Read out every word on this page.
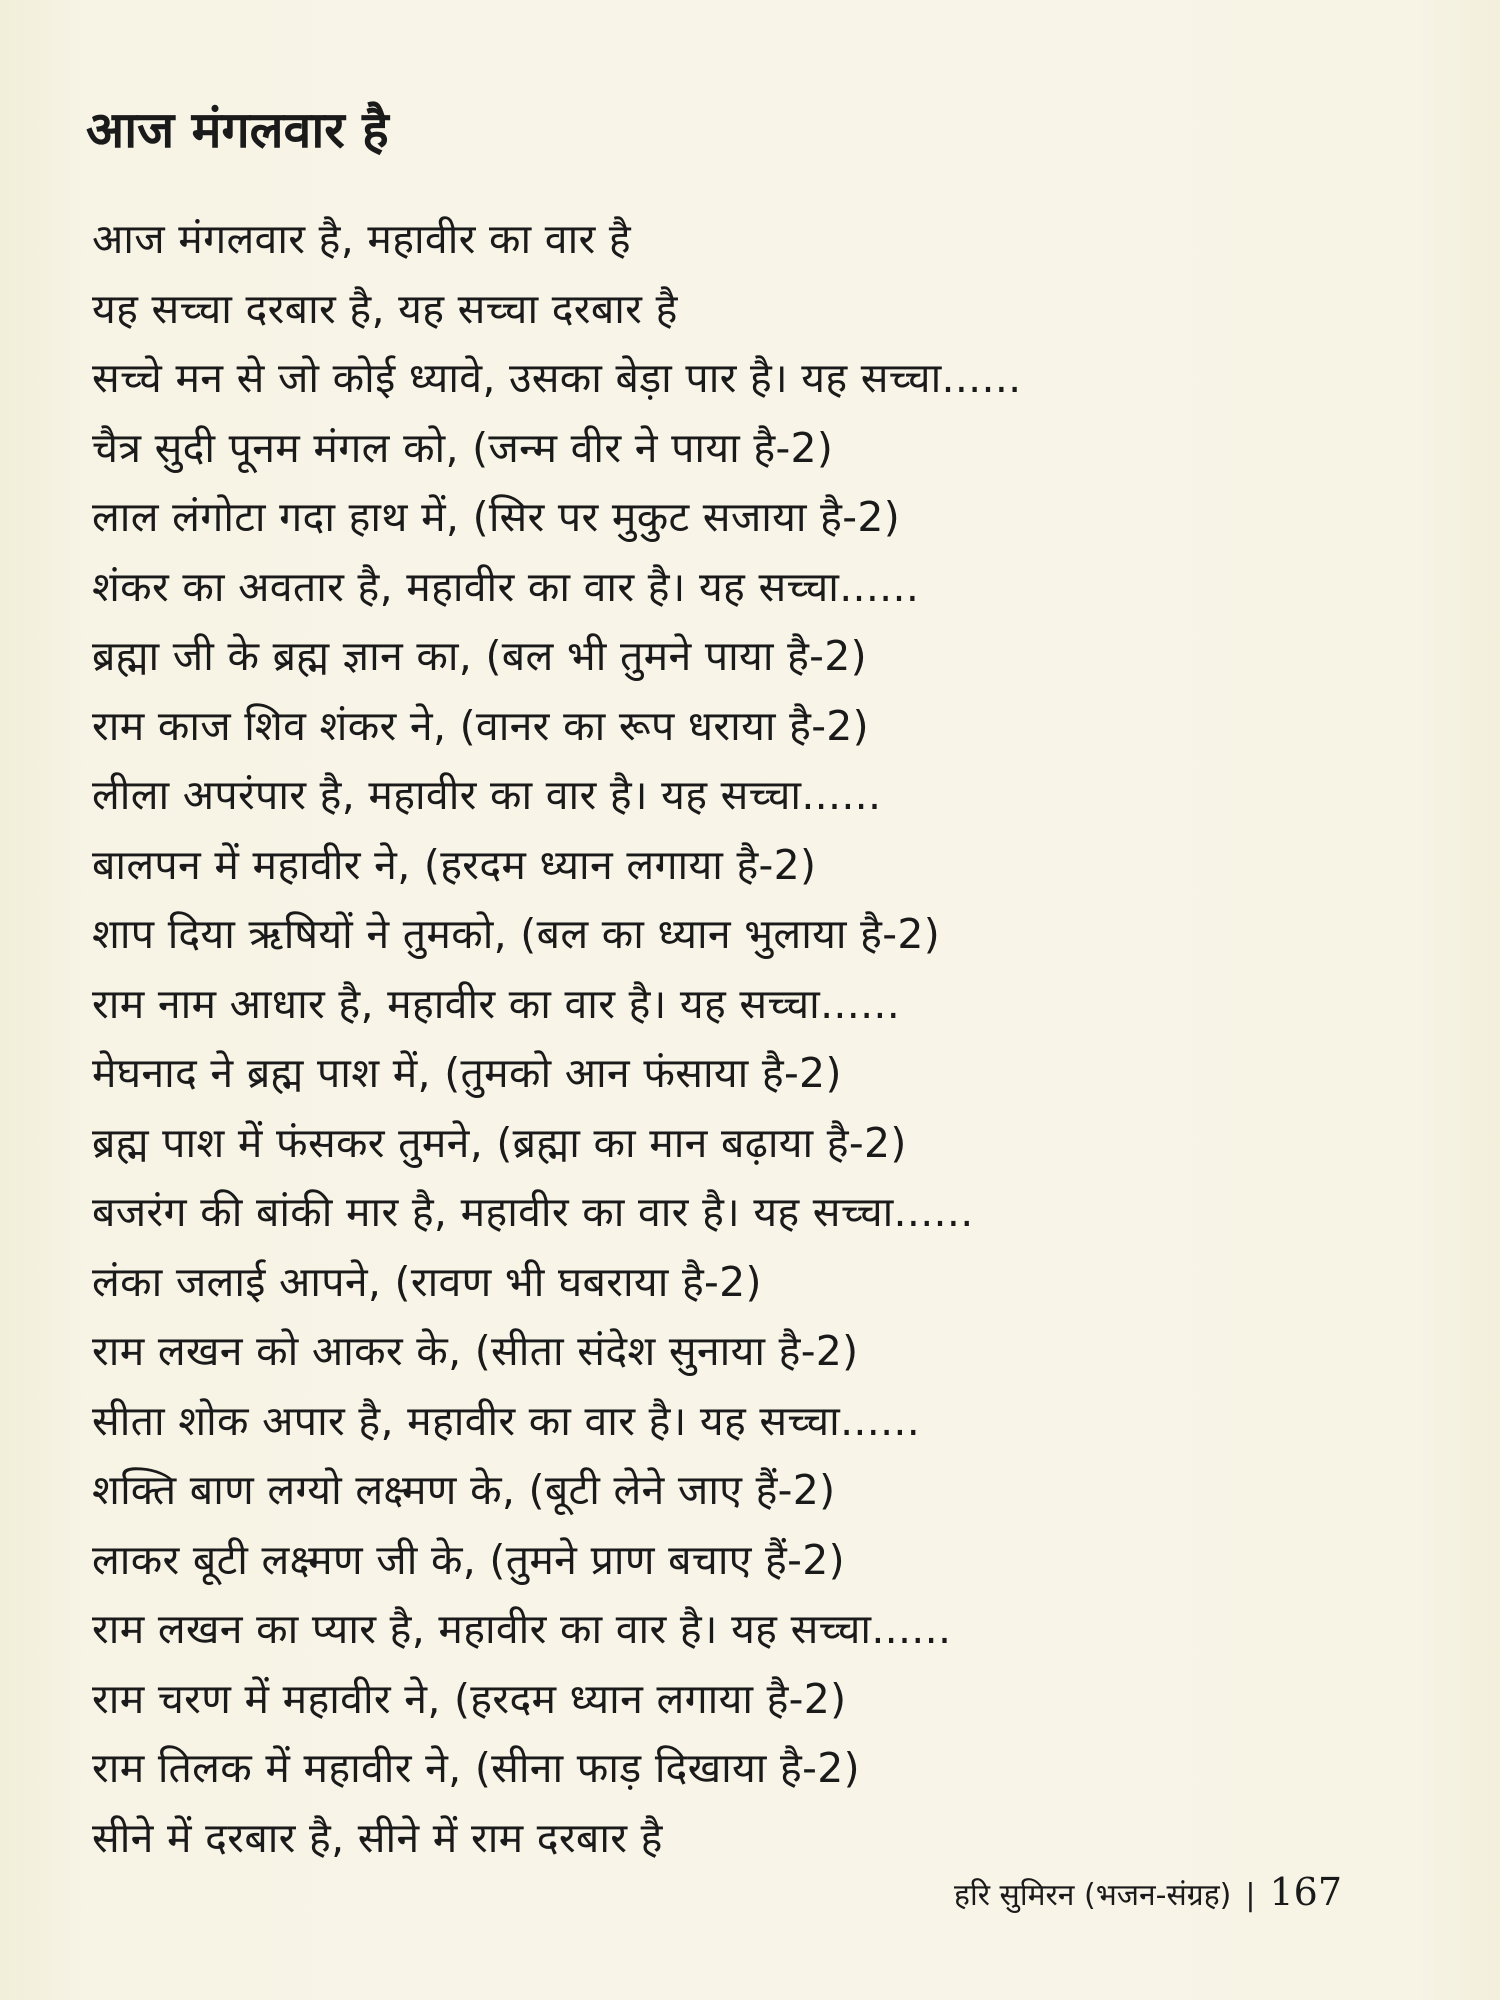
आज मंगलवार है
आज मंगलवार है, महावीर का वार है
यह सच्चा दरबार है, यह सच्चा दरबार है
सच्चे मन से जो कोई ध्यावे, उसका बेड़ा पार है। यह सच्चा......
चैत्र सुदी पूनम मंगल को, (जन्म वीर ने पाया है-2)
लाल लंगोटा गदा हाथ में, (सिर पर मुकुट सजाया है-2)
शंकर का अवतार है, महावीर का वार है। यह सच्चा......
ब्रह्मा जी के ब्रह्म ज्ञान का, (बल भी तुमने पाया है-2)
राम काज शिव शंकर ने, (वानर का रूप धराया है-2)
लीला अपरंपार है, महावीर का वार है। यह सच्चा......
बालपन में महावीर ने, (हरदम ध्यान लगाया है-2)
शाप दिया ऋषियों ने तुमको, (बल का ध्यान भुलाया है-2)
राम नाम आधार है, महावीर का वार है। यह सच्चा......
मेघनाद ने ब्रह्म पाश में, (तुमको आन फंसाया है-2)
ब्रह्म पाश में फंसकर तुमने, (ब्रह्मा का मान बढ़ाया है-2)
बजरंग की बांकी मार है, महावीर का वार है। यह सच्चा......
लंका जलाई आपने, (रावण भी घबराया है-2)
राम लखन को आकर के, (सीता संदेश सुनाया है-2)
सीता शोक अपार है, महावीर का वार है। यह सच्चा......
शक्ति बाण लग्यो लक्ष्मण के, (बूटी लेने जाए हैं-2)
लाकर बूटी लक्ष्मण जी के, (तुमने प्राण बचाए हैं-2)
राम लखन का प्यार है, महावीर का वार है। यह सच्चा......
राम चरण में महावीर ने, (हरदम ध्यान लगाया है-2)
राम तिलक में महावीर ने, (सीना फाड़ दिखाया है-2)
सीने में दरबार है, सीने में राम दरबार है
हरि सुमिरन (भजन-संग्रह) | 167
